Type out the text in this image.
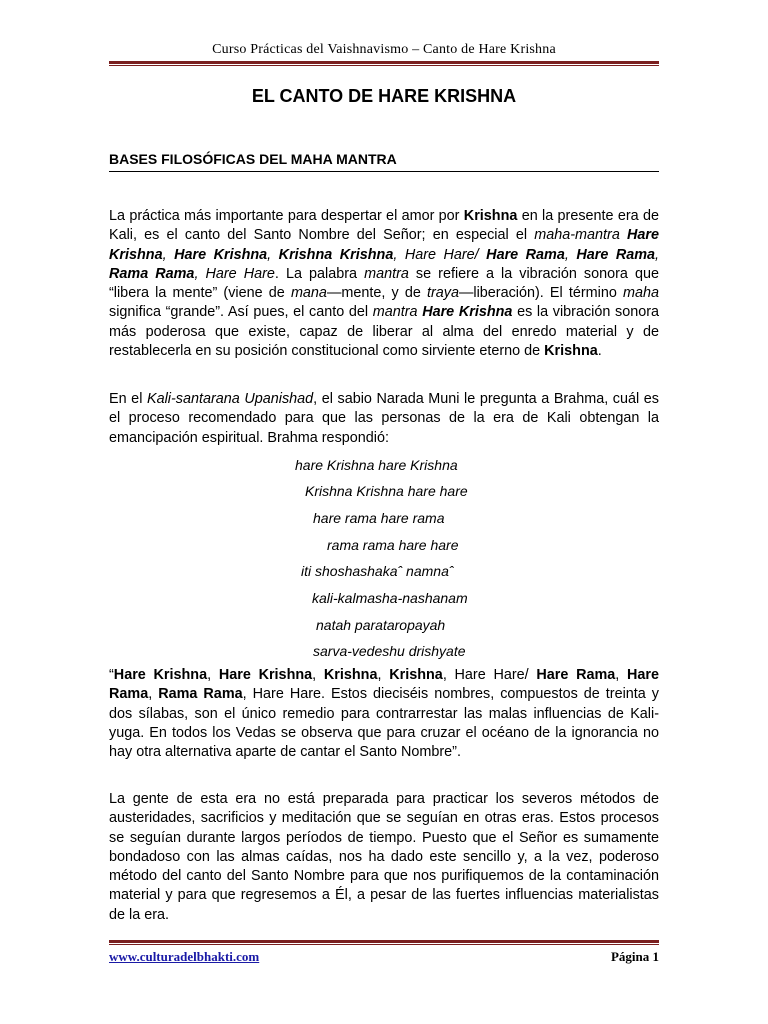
Curso Prácticas del Vaishnavismo – Canto de Hare Krishna
EL CANTO DE HARE KRISHNA
BASES FILOSÓFICAS DEL MAHA MANTRA
La práctica más importante para despertar el amor por Krishna en la presente era de Kali, es el canto del Santo Nombre del Señor; en especial el maha-mantra Hare Krishna, Hare Krishna, Krishna Krishna, Hare Hare/ Hare Rama, Hare Rama, Rama Rama, Hare Hare. La palabra mantra se refiere a la vibración sonora que “libera la mente” (viene de mana—mente, y de traya—liberación). El término maha significa “grande”. Así pues, el canto del mantra Hare Krishna es la vibración sonora más poderosa que existe, capaz de liberar al alma del enredo material y de restablecerla en su posición constitucional como sirviente eterno de Krishna.
En el Kali-santarana Upanishad, el sabio Narada Muni le pregunta a Brahma, cuál es el proceso recomendado para que las personas de la era de Kali obtengan la emancipación espiritual. Brahma respondió:
hare Krishna hare Krishna
Krishna Krishna hare hare
hare rama hare rama
rama rama hare hare
iti shoshashakaˆ namnaˆ
kali-kalmasha-nashanam
natah parataropayah
sarva-vedeshu drishyate
“Hare Krishna, Hare Krishna, Krishna, Krishna, Hare Hare/ Hare Rama, Hare Rama, Rama Rama, Hare Hare. Estos dieciséis nombres, compuestos de treinta y dos sílabas, son el único remedio para contrarrestar las malas influencias de Kali-yuga. En todos los Vedas se observa que para cruzar el océano de la ignorancia no hay otra alternativa aparte de cantar el Santo Nombre”.
La gente de esta era no está preparada para practicar los severos métodos de austeridades, sacrificios y meditación que se seguían en otras eras. Estos procesos se seguían durante largos períodos de tiempo. Puesto que el Señor es sumamente bondadoso con las almas caídas, nos ha dado este sencillo y, a la vez, poderoso método del canto del Santo Nombre para que nos purifiquemos de la contaminación material y para que regresemos a Él, a pesar de las fuertes influencias materialistas de la era.
www.culturadelbhakti.com	Página 1
